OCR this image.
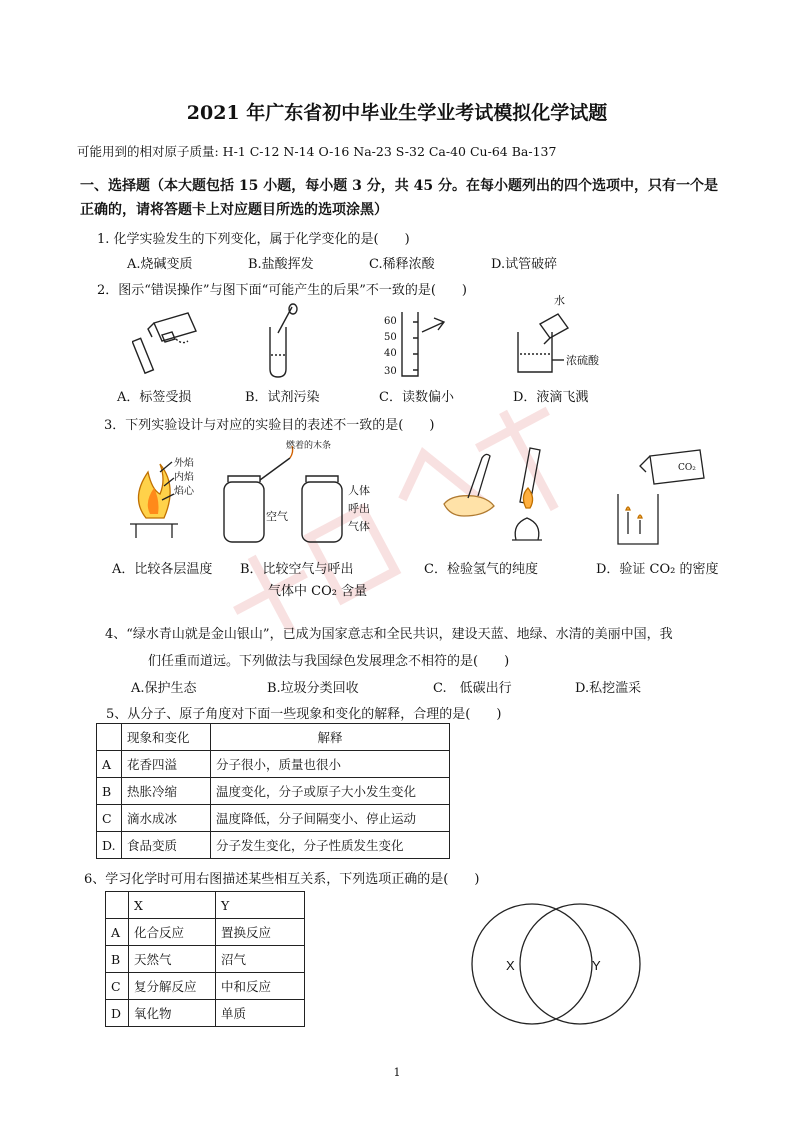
2021 年广东省初中毕业生学业考试模拟化学试题
可能用到的相对原子质量: H-1 C-12 N-14 O-16 Na-23 S-32 Ca-40 Cu-64 Ba-137
一、选择题（本大题包括 15 小题，每小题 3 分，共 45 分。在每小题列出的四个选项中，只有一个是正确的，请将答题卡上对应题目所选的选项涂黑）
1. 化学实验发生的下列变化，属于化学变化的是(　　)
A.烧碱变质	B.盐酸挥发	C.稀释浓酸	D.试管破碎
2．图示“错误操作”与图下面“可能产生的后果”不一致的是(　　)
60
50
40
30
水
浓硫酸
A．标签受损	B．试剂污染	C．读数偏小	D．液滴飞溅
3．下列实验设计与对应的实验目的表述不一致的是(　　)
外焰
内焰
焰心
燃着的木条
空气
人体
呼出
气体
CO₂
A．比较各层温度 B．比较空气与呼出
气体中 CO₂ 含量
C．检验氢气的纯度	D．验证 CO₂ 的密度
4、“绿水青山就是金山银山”，已成为国家意志和全民共识，建设天蓝、地绿、水清的美丽中国，我
们任重而道远。下列做法与我国绿色发展理念不相符的是(　　)
A.保护生态	B.垃圾分类回收	C.　低碳出行	D.私挖滥采
5、从分子、原子角度对下面一些现象和变化的解释，合理的是(　　)
	现象和变化	解释
A	花香四溢	分子很小，质量也很小
B	热胀冷缩	温度变化，分子或原子大小发生变化
C	滴水成冰	温度降低，分子间隔变小、停止运动
D.	食品变质	分子发生变化，分子性质发生变化
6、学习化学时可用右图描述某些相互关系，下列选项正确的是(　　)
	X	Y
A	化合反应	置换反应
B	天然气	沼气
C	复分解反应	中和反应
D	氧化物	单质
X	Y
1
